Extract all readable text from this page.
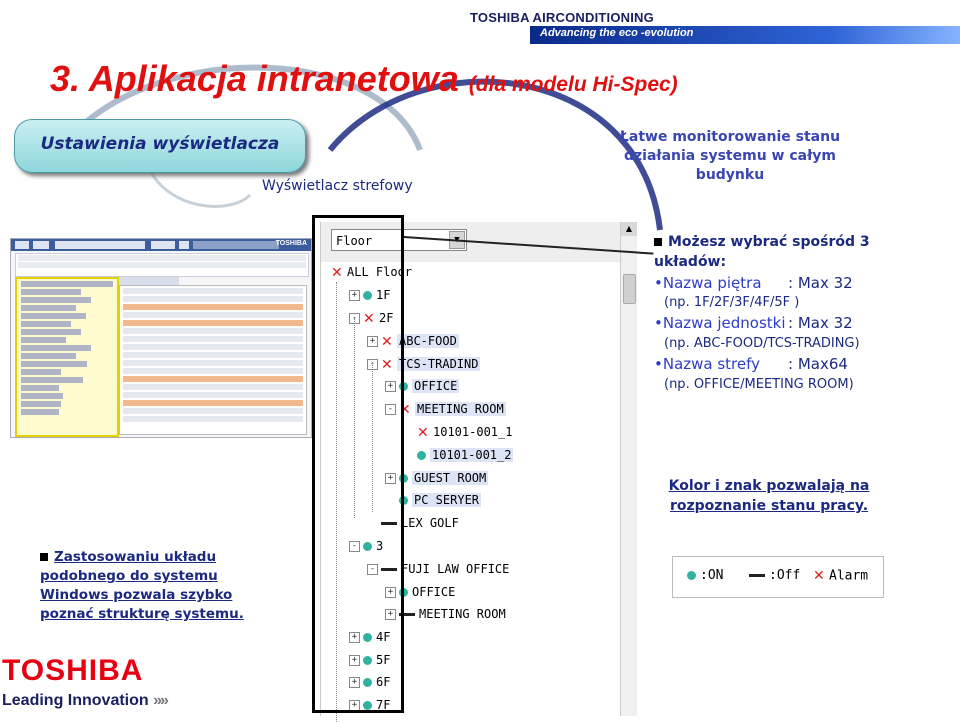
TOSHIBA AIRCONDITIONING
Advancing the eco -evolution
3. Aplikacja intranetowa (dla modelu Hi-Spec)
Ustawienia wyświetlacza
Wyświetlacz strefowy
Łatwe monitorowanie stanu działania systemu w całym budynku
TOSHIBA	Floor
✕ ALL Floor
+	1F
- ✕ 2F
+ ✕ ABC-FOOD
- ✕ TCS-TRADIND
+	OFFICE
- ✕ MEETING ROOM
✕ 10101-001_1
10101-001_2
+	GUEST ROOM
PC SERYER
LEX GOLF
-	3
-	FUJI LAW OFFICE
+	OFFICE
+	MEETING ROOM
+	4F
+	5F
+	6F
+	7F
▲
Możesz wybrać spośród 3 układów:
•Nazwa piętra : Max 32
(np. 1F/2F/3F/4F/5F )
•Nazwa jednostki : Max 32
(np. ABC-FOOD/TCS-TRADING)
•Nazwa strefy : Max64
(np. OFFICE/MEETING ROOM)
Kolor i znak pozwalają na rozpoznanie stanu pracy.
:ON	:Off ✕ Alarm
Zastosowaniu układu podobnego do systemu Windows pozwala szybko poznać strukturę systemu.
TOSHIBA
Leading Innovation »»
